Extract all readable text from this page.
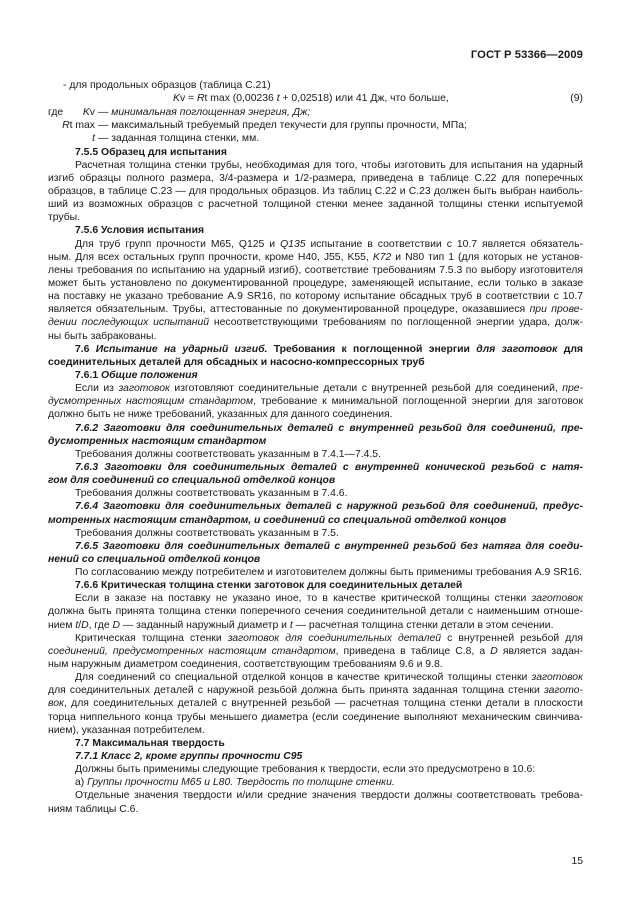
ГОСТ Р 53366—2009
- для продольных образцов (таблица С.21)
Kv = Rt max (0,00236 t + 0,02518) или 41 Дж, что больше,	(9)
где	Kv — минимальная поглощенная энергия, Дж;
Rt max — максимальный требуемый предел текучести для группы прочности, МПа;
t — заданная толщина стенки, мм.
7.5.5 Образец для испытания
Расчетная толщина стенки трубы, необходимая для того, чтобы изготовить для испытания на ударный
изгиб образцы полного размера, 3/4-размера и 1/2-размера, приведена в таблице С.22 для поперечных
образцов, в таблице С.23 — для продольных образцов. Из таблиц С.22 и С.23 должен быть выбран наиболь-
ший из возможных образцов с расчетной толщиной стенки менее заданной толщины стенки испытуемой
трубы.
7.5.6 Условия испытания
Для труб групп прочности М65, Q125 и Q135 испытание в соответствии с 10.7 является обязатель-
ным. Для всех остальных групп прочности, кроме Н40, J55, K55, K72 и N80 тип 1 (для которых не установ-
лены требования по испытанию на ударный изгиб), соответствие требованиям 7.5.3 по выбору изготовителя
может быть установлено по документированной процедуре, заменяющей испытание, если только в заказе
на поставку не указано требование А.9 SR16, по которому испытание обсадных труб в соответствии с 10.7
является обязательным. Трубы, аттестованные по документированной процедуре, оказавшиеся при прове-
дении последующих испытаний несоответствующими требованиям по поглощенной энергии удара, долж-
ны быть забракованы.
7.6 Испытание на ударный изгиб. Требования к поглощенной энергии для заготовок для
соединительных деталей для обсадных и насосно-компрессорных труб
7.6.1 Общие положения
Если из заготовок изготовляют соединительные детали с внутренней резьбой для соединений, пре-
дусмотренных настоящим стандартом, требование к минимальной поглощенной энергии для заготовок
должно быть не ниже требований, указанных для данного соединения.
7.6.2 Заготовки для соединительных деталей с внутренней резьбой для соединений, пре-
дусмотренных настоящим стандартом
Требования должны соответствовать указанным в 7.4.1—7.4.5.
7.6.3 Заготовки для соединительных деталей с внутренней конической резьбой с натя-
гом для соединений со специальной отделкой концов
Требования должны соответствовать указанным в 7.4.6.
7.6.4 Заготовки для соединительных деталей с наружной резьбой для соединений, предус-
мотренных настоящим стандартом, и соединений со специальной отделкой концов
Требования должны соответствовать указанным в 7.5.
7.6.5 Заготовки для соединительных деталей с внутренней резьбой без натяга для соеди-
нений со специальной отделкой концов
По согласованию между потребителем и изготовителем должны быть применимы требования А.9 SR16.
7.6.6 Критическая толщина стенки заготовок для соединительных деталей
Если в заказе на поставку не указано иное, то в качестве критической толщины стенки заготовок
должна быть принята толщина стенки поперечного сечения соединительной детали с наименьшим отноше-
нием t/D, где D — заданный наружный диаметр и t — расчетная толщина стенки детали в этом сечении.
Критическая толщина стенки заготовок для соединительных деталей с внутренней резьбой для
соединений, предусмотренных настоящим стандартом, приведена в таблице С.8, а D является задан-
ным наружным диаметром соединения, соответствующим требованиям 9.6 и 9.8.
Для соединений со специальной отделкой концов в качестве критической толщины стенки заготовок
для соединительных деталей с наружной резьбой должна быть принята заданная толщина стенки загото-
вок, для соединительных деталей с внутренней резьбой — расчетная толщина стенки детали в плоскости
торца ниппельного конца трубы меньшего диаметра (если соединение выполняют механическим свинчива-
нием), указанная потребителем.
7.7 Максимальная твердость
7.7.1 Класс 2, кроме группы прочности С95
Должны быть применимы следующие требования к твердости, если это предусмотрено в 10.6:
а) Группы прочности М65 и L80. Твердость по толщине стенки.
Отдельные значения твердости и/или средние значения твердости должны соответствовать требова-
ниям таблицы С.6.
15
